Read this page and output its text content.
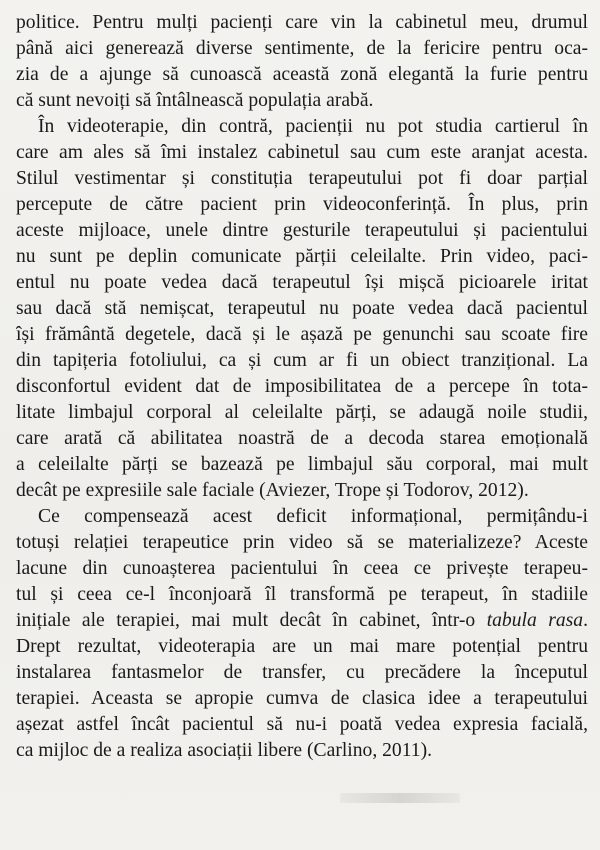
politice. Pentru mulți pacienți care vin la cabinetul meu, drumul
până aici generează diverse sentimente, de la fericire pentru oca-
zia de a ajunge să cunoască această zonă elegantă la furie pentru
că sunt nevoiți să întâlnească populația arabă.
În videoterapie, din contră, pacienții nu pot studia cartierul în
care am ales să îmi instalez cabinetul sau cum este aranjat acesta.
Stilul vestimentar și constituția terapeutului pot fi doar parțial
percepute de către pacient prin videoconferință. În plus, prin
aceste mijloace, unele dintre gesturile terapeutului și pacientului
nu sunt pe deplin comunicate părții celeilalte. Prin video, paci-
entul nu poate vedea dacă terapeutul își mișcă picioarele iritat
sau dacă stă nemișcat, terapeutul nu poate vedea dacă pacientul
își frământă degetele, dacă și le așază pe genunchi sau scoate fire
din tapițeria fotoliului, ca și cum ar fi un obiect tranzițional. La
disconfortul evident dat de imposibilitatea de a percepe în tota-
litate limbajul corporal al celeilalte părți, se adaugă noile studii,
care arată că abilitatea noastră de a decoda starea emoțională
a celeilalte părți se bazează pe limbajul său corporal, mai mult
decât pe expresiile sale faciale (Aviezer, Trope și Todorov, 2012).
Ce compensează acest deficit informațional, permițându-i
totuși relației terapeutice prin video să se materializeze? Aceste
lacune din cunoașterea pacientului în ceea ce privește terapeu-
tul și ceea ce-l înconjoară îl transformă pe terapeut, în stadiile
inițiale ale terapiei, mai mult decât în cabinet, într-o tabula rasa.
Drept rezultat, videoterapia are un mai mare potențial pentru
instalarea fantasmelor de transfer, cu precădere la începutul
terapiei. Aceasta se apropie cumva de clasica idee a terapeutului
așezat astfel încât pacientul să nu-i poată vedea expresia facială,
ca mijloc de a realiza asociații libere (Carlino, 2011).
